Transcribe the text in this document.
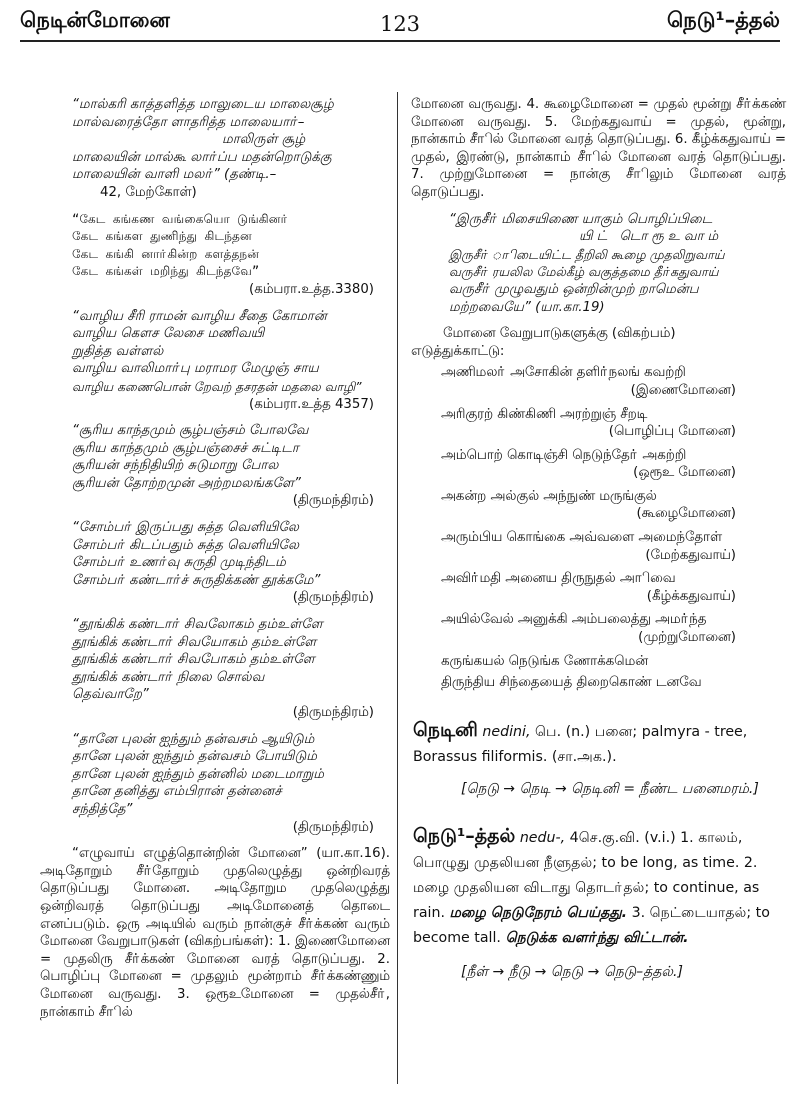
நெடின்மோனை	123	நெடு¹–த்தல்
“மால்கரி காத்தளித்த மாலுடைய மாலைசூழ்
மால்வரைத்தோ ளாதரித்த மாலையாா்–
மாலிருள் சூழ்
மாலையின் மால்கூ லாா்ப்ப மதன்றொடுக்கு
மாலையின் வாளி மலா்” (தண்டி.–
42, மேற்கோள்)
“கேட கங்கண வங்கையொ டுங்கினா்
கேட கங்கள துணிந்து கிடந்தன
கேட கங்கி னாா்கின்ற களத்தநன்
கேட கங்கள் மறிந்து கிடந்தவே”
(கம்பரா.உத்த.3380)
“வாழிய சீரி ராமன் வாழிய சீதை கோமான்
வாழிய கௌச லேசை மணிவயி
றுதித்த வள்ளல்
வாழிய வாலிமாா்பு மராமர மேழுஞ் சாய
வாழிய கணைபொன் றேவற் தசரதன் மதலை வாழி”
(கம்பரா.உத்த 4357)
“சூரிய காந்தமும் சூழ்பஞ்சம் போலவே
சூரிய காந்தமும் சூழ்பஞ்சைச் சுட்டிடா
சூரியன் சந்நிதியிற் சுடுமாறு போல
சூரியன் தோற்றமுன் அற்றமலங்களே”
(திருமந்திரம்)
“சோம்பா் இருப்பது சுத்த வெளியிலே
சோம்பா் கிடப்பதும் சுத்த வெளியிலே
சோம்பா் உணா்வு சுருதி முடிந்திடம்
சோம்பா் கண்டாா்ச் சுருதிக்கண் தூக்கமே”
(திருமந்திரம்)
“தூங்கிக் கண்டாா் சிவலோகம் தம்உள்ளே
தூங்கிக் கண்டாா் சிவயோகம் தம்உள்ளே
தூங்கிக் கண்டாா் சிவபோகம் தம்உள்ளே
தூங்கிக் கண்டாா் நிலை சொல்வ
தெவ்வாறே”
(திருமந்திரம்)
“தானே புலன் ஐந்தும் தன்வசம் ஆயிடும்
தானே புலன் ஐந்தும் தன்வசம் போயிடும்
தானே புலன் ஐந்தும் தன்னில் மடைமாறும்
தானே தனித்து எம்பிரான் தன்னைச்
சந்தித்தே”
(திருமந்திரம்)
“எழுவாய் எழுத்தொன்றின் மோனை” (யா.கா.16). அடிதோறும் சீா்தோறும் முதலெழுத்து ஒன்றிவரத் தொடுப்பது மோனை. அடிதோறும முதலெழுத்து ஒன்றிவரத் தொடுப்பது அடிமோனைத் தொடை எனப்படும். ஒரு அடியில் வரும் நான்குச் சீா்க்கண் வரும் மோனை வேறுபாடுகள் (விகற்பங்கள்): 1. இணைமோனை = முதலிரு சீா்க்கண் மோனை வரத் தொடுப்பது. 2. பொழிப்பு மோனை = முதலும் மூன்றாம் சீா்க்கண்ணும் மோனை வருவது. 3. ஒரூஉமோனை = முதல்சீா், நான்காம் சீாில்
மோனை வருவது. 4. கூழைமோனை = முதல் மூன்று சீா்க்கண் மோனை வருவது. 5. மேற்கதுவாய் = முதல், மூன்று, நான்காம் சீாில் மோனை வரத் தொடுப்பது. 6. கீழ்க்கதுவாய் = முதல், இரண்டு, நான்காம் சீாில் மோனை வரத் தொடுப்பது. 7. முற்றுமோனை = நான்கு சீாிலும் மோனை வரத் தொடுப்பது.
“இருசீா் மிசையிணை யாகும் பொழிப்பிடை
யிட் டொரூஉவாம்
இருசீா் ாிடையிட்ட தீறிலி கூழை முதலிறுவாய்
வருசீா் ரயலில மேல்கீழ் வகுத்தமை தீா்கதுவாய்
வருசீா் முழுவதும் ஒன்றின்முற் றாமென்ப
மற்றவையே” (யா.கா.19)
மோனை வேறுபாடுகளுக்கு (விகற்பம்)
எடுத்துக்காட்டு:
அணிமலா் அசோகின் தளிா்நலங் கவற்றி
(இணைமோனை)
அரிகுரற் கிண்கிணி அரற்றுஞ் சீறடி
(பொழிப்பு மோனை)
அம்பொற் கொடிஞ்சி நெடுந்தோ் அகற்றி
(ஒரூஉ மோனை)
அகன்ற அல்குல் அந்நுண் மருங்குல்
(கூழைமோனை)
அரும்பிய கொங்கை அவ்வளை அமைந்தோள்
(மேற்கதுவாய்)
அவிா்மதி அனைய திருநுதல் அாிவை
(கீழ்க்கதுவாய்)
அயில்வேல் அனுக்கி அம்பலைத்து அமா்ந்த
(முற்றுமோனை)
கருங்கயல் நெடுங்க ணோக்கமென்
திருந்திய சிந்தையைத் திறைகொண் டனவே
நெடினி nedini, பெ. (n.) பனை; palmyra - tree, Borassus filiformis. (சா.அக.).
[நெடு → நெடி → நெடினி = நீண்ட பனைமரம்.]
நெடு¹–த்தல் nedu-, 4செ.கு.வி. (v.i.) 1. காலம், பொழுது முதலியன நீளுதல்; to be long, as time. 2. மழை முதலியன விடாது தொடா்தல்; to continue, as rain. மழை நெடுநேரம் பெய்தது. 3. நெட்டையாதல்; to become tall. நெடுக்க வளா்ந்து விட்டான்.
[நீள் → நீடு → நெடு → நெடு–த்தல்.]
